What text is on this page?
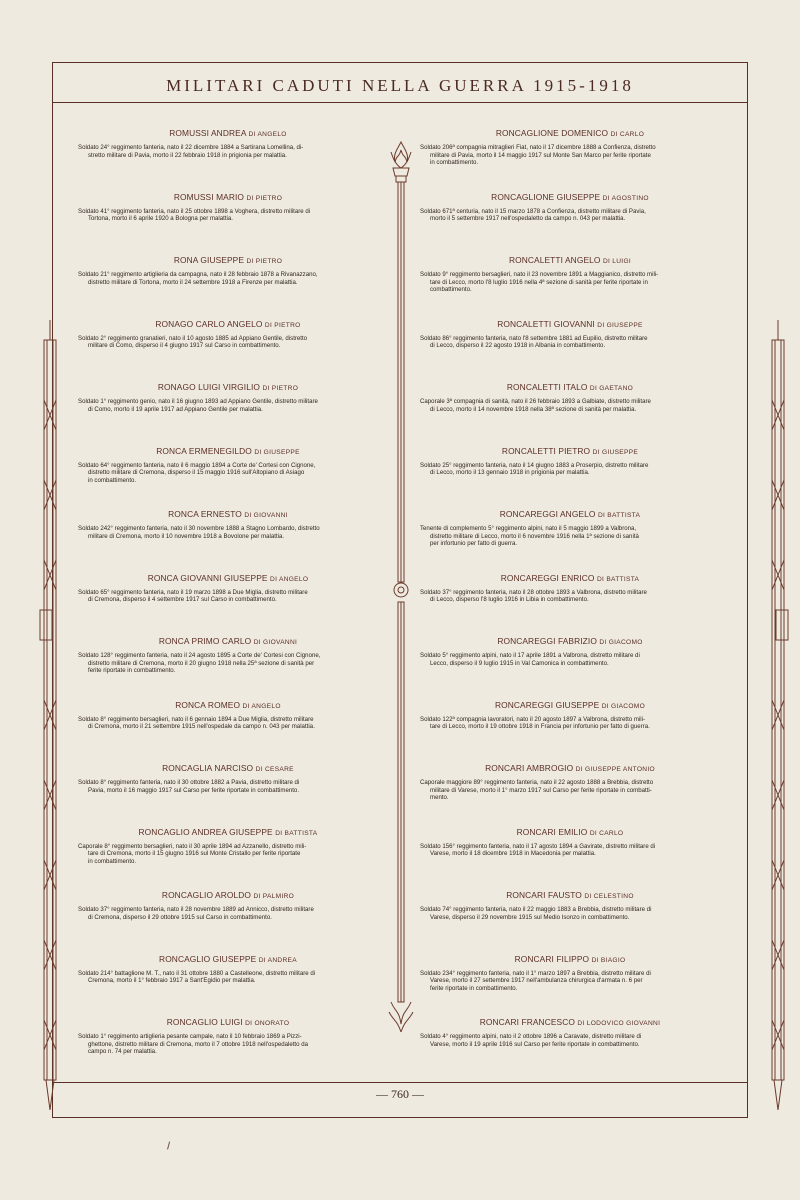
MILITARI CADUTI NELLA GUERRA 1915-1918
ROMUSSI ANDREA DI ANGELO

Soldato 24° reggimento fanteria, nato il 22 dicembre 1884 a Sartirana Lomellina, di-
stretto militare di Pavia, morto il 22 febbraio 1918 in prigionia per malattia.

ROMUSSI MARIO DI PIETRO

Soldato 41° reggimento fanteria, nato il 25 ottobre 1898 a Voghera, distretto militare di
Tortona, morto il 6 aprile 1920 a Bologna per malattia.

RONA GIUSEPPE DI PIETRO

Soldato 21° reggimento artiglieria da campagna, nato il 28 febbraio 1878 a Rivanazzano,
distretto militare di Tortona, morto il 24 settembre 1918 a Firenze per malattia.

RONAGO CARLO ANGELO DI PIETRO

Soldato 2° reggimento granatieri, nato il 10 agosto 1885 ad Appiano Gentile, distretto
militare di Como, disperso il 4 giugno 1917 sul Carso in combattimento.

RONAGO LUIGI VIRGILIO DI PIETRO

Soldato 1° reggimento genio, nato il 16 giugno 1893 ad Appiano Gentile, distretto militare
di Como, morto il 19 aprile 1917 ad Appiano Gentile per malattia.

RONCA ERMENEGILDO DI GIUSEPPE

Soldato 64° reggimento fanteria, nato il 6 maggio 1894 a Corte de' Cortesi con Cignone,
distretto militare di Cremona, disperso il 15 maggio 1916 sull'Altopiano di Asiago
in combattimento.

RONCA ERNESTO DI GIOVANNI

Soldato 242° reggimento fanteria, nato il 30 novembre 1888 a Stagno Lombardo, distretto
militare di Cremona, morto il 10 novembre 1918 a Bovolone per malattia.

RONCA GIOVANNI GIUSEPPE DI ANGELO

Soldato 65° reggimento fanteria, nato il 19 marzo 1898 a Due Miglia, distretto militare
di Cremona, disperso il 4 settembre 1917 sul Carso in combattimento.

RONCA PRIMO CARLO DI GIOVANNI

Soldato 128° reggimento fanteria, nato il 24 agosto 1895 a Corte de' Cortesi con Cignone,
distretto militare di Cremona, morto il 20 giugno 1918 nella 25ª sezione di sanità per
ferite riportate in combattimento.

RONCA ROMEO DI ANGELO

Soldato 8° reggimento bersaglieri, nato il 6 gennaio 1894 a Due Miglia, distretto militare
di Cremona, morto il 21 settembre 1915 nell'ospedale da campo n. 043 per malattia.

RONCAGLIA NARCISO DI CESARE

Soldato 8° reggimento fanteria, nato il 30 ottobre 1882 a Pavia, distretto militare di
Pavia, morto il 16 maggio 1917 sul Carso per ferite riportate in combattimento.

RONCAGLIO ANDREA GIUSEPPE DI BATTISTA

Caporale 8° reggimento bersaglieri, nato il 30 aprile 1894 ad Azzanello, distretto mili-
tare di Cremona, morto il 15 giugno 1916 sul Monte Cristallo per ferite riportate
in combattimento.

RONCAGLIO AROLDO DI PALMIRO

Soldato 37° reggimento fanteria, nato il 28 novembre 1889 ad Annicco, distretto militare
di Cremona, disperso il 29 ottobre 1915 sul Carso in combattimento.

RONCAGLIO GIUSEPPE DI ANDREA

Soldato 214° battaglione M. T., nato il 31 ottobre 1880 a Castelleone, distretto militare di
Cremona, morto il 1° febbraio 1917 a Sant'Egidio per malattia.

RONCAGLIO LUIGI DI ONORATO

Soldato 1° reggimento artiglieria pesante campale, nato il 10 febbraio 1869 a Pizzi-
ghettone, distretto militare di Cremona, morto il 7 ottobre 1918 nell'ospedaletto da
campo n. 74 per malattia.

RONCAGLIONE DOMENICO DI CARLO

Soldato 206ª compagnia mitraglieri Fiat, nato il 17 dicembre 1888 a Confienza, distretto
militare di Pavia, morto il 14 maggio 1917 sul Monte San Marco per ferite riportate
in combattimento.

RONCAGLIONE GIUSEPPE DI AGOSTINO

Soldato 671ª centuria, nato il 15 marzo 1878 a Confienza, distretto militare di Pavia,
morto il 5 settembre 1917 nell'ospedaletto da campo n. 043 per malattia.

RONCALETTI ANGELO DI LUIGI

Soldato 9° reggimento bersaglieri, nato il 23 novembre 1891 a Maggianico, distretto mili-
tare di Lecco, morto l'8 luglio 1916 nella 4ª sezione di sanità per ferite riportate in
combattimento.

RONCALETTI GIOVANNI DI GIUSEPPE

Soldato 86° reggimento fanteria, nato l'8 settembre 1881 ad Eupilio, distretto militare
di Lecco, disperso il 22 agosto 1918 in Albania in combattimento.

RONCALETTI ITALO DI GAETANO

Caporale 3ª compagnia di sanità, nato il 26 febbraio 1893 a Galbiate, distretto militare
di Lecco, morto il 14 novembre 1918 nella 38ª sezione di sanità per malattia.

RONCALETTI PIETRO DI GIUSEPPE

Soldato 25° reggimento fanteria, nato il 14 giugno 1883 a Proserpio, distretto militare
di Lecco, morto il 13 gennaio 1918 in prigionia per malattia.

RONCAREGGI ANGELO DI BATTISTA

Tenente di complemento 5° reggimento alpini, nato il 5 maggio 1899 a Valbrona,
distretto militare di Lecco, morto il 6 novembre 1916 nella 1ª sezione di sanità
per infortunio per fatto di guerra.

RONCAREGGI ENRICO DI BATTISTA

Soldato 37° reggimento fanteria, nato il 28 ottobre 1893 a Valbrona, distretto militare
di Lecco, disperso l'8 luglio 1916 in Libia in combattimento.

RONCAREGGI FABRIZIO DI GIACOMO

Soldato 5° reggimento alpini, nato il 17 aprile 1891 a Valbrona, distretto militare di
Lecco, disperso il 9 luglio 1915 in Val Camonica in combattimento.

RONCAREGGI GIUSEPPE DI GIACOMO

Soldato 122ª compagnia lavoratori, nato il 20 agosto 1897 a Valbrona, distretto mili-
tare di Lecco, morto il 19 ottobre 1918 in Francia per infortunio per fatto di guerra.

RONCARI AMBROGIO DI GIUSEPPE ANTONIO

Caporale maggiore 89° reggimento fanteria, nato il 22 agosto 1888 a Brebbia, distretto
militare di Varese, morto il 1° marzo 1917 sul Carso per ferite riportate in combatti-
mento.

RONCARI EMILIO DI CARLO

Soldato 156° reggimento fanteria, nato il 17 agosto 1894 a Gavirate, distretto militare di
Varese, morto il 18 dicembre 1918 in Macedonia per malattia.

RONCARI FAUSTO DI CELESTINO

Soldato 74° reggimento fanteria, nato il 22 maggio 1883 a Brebbia, distretto militare di
Varese, disperso il 29 novembre 1915 sul Medio Isonzo in combattimento.

RONCARI FILIPPO DI BIAGIO

Soldato 234° reggimento fanteria, nato il 1° marzo 1897 a Brebbia, distretto militare di
Varese, morto il 27 settembre 1917 nell'ambulanza chirurgica d'armata n. 6 per
ferite riportate in combattimento.

RONCARI FRANCESCO DI LODOVICO GIOVANNI

Soldato 4° reggimento alpini, nato il 2 ottobre 1896 a Caravate, distretto militare di
Varese, morto il 19 aprile 1916 sul Carso per ferite riportate in combattimento.

— 760 —
